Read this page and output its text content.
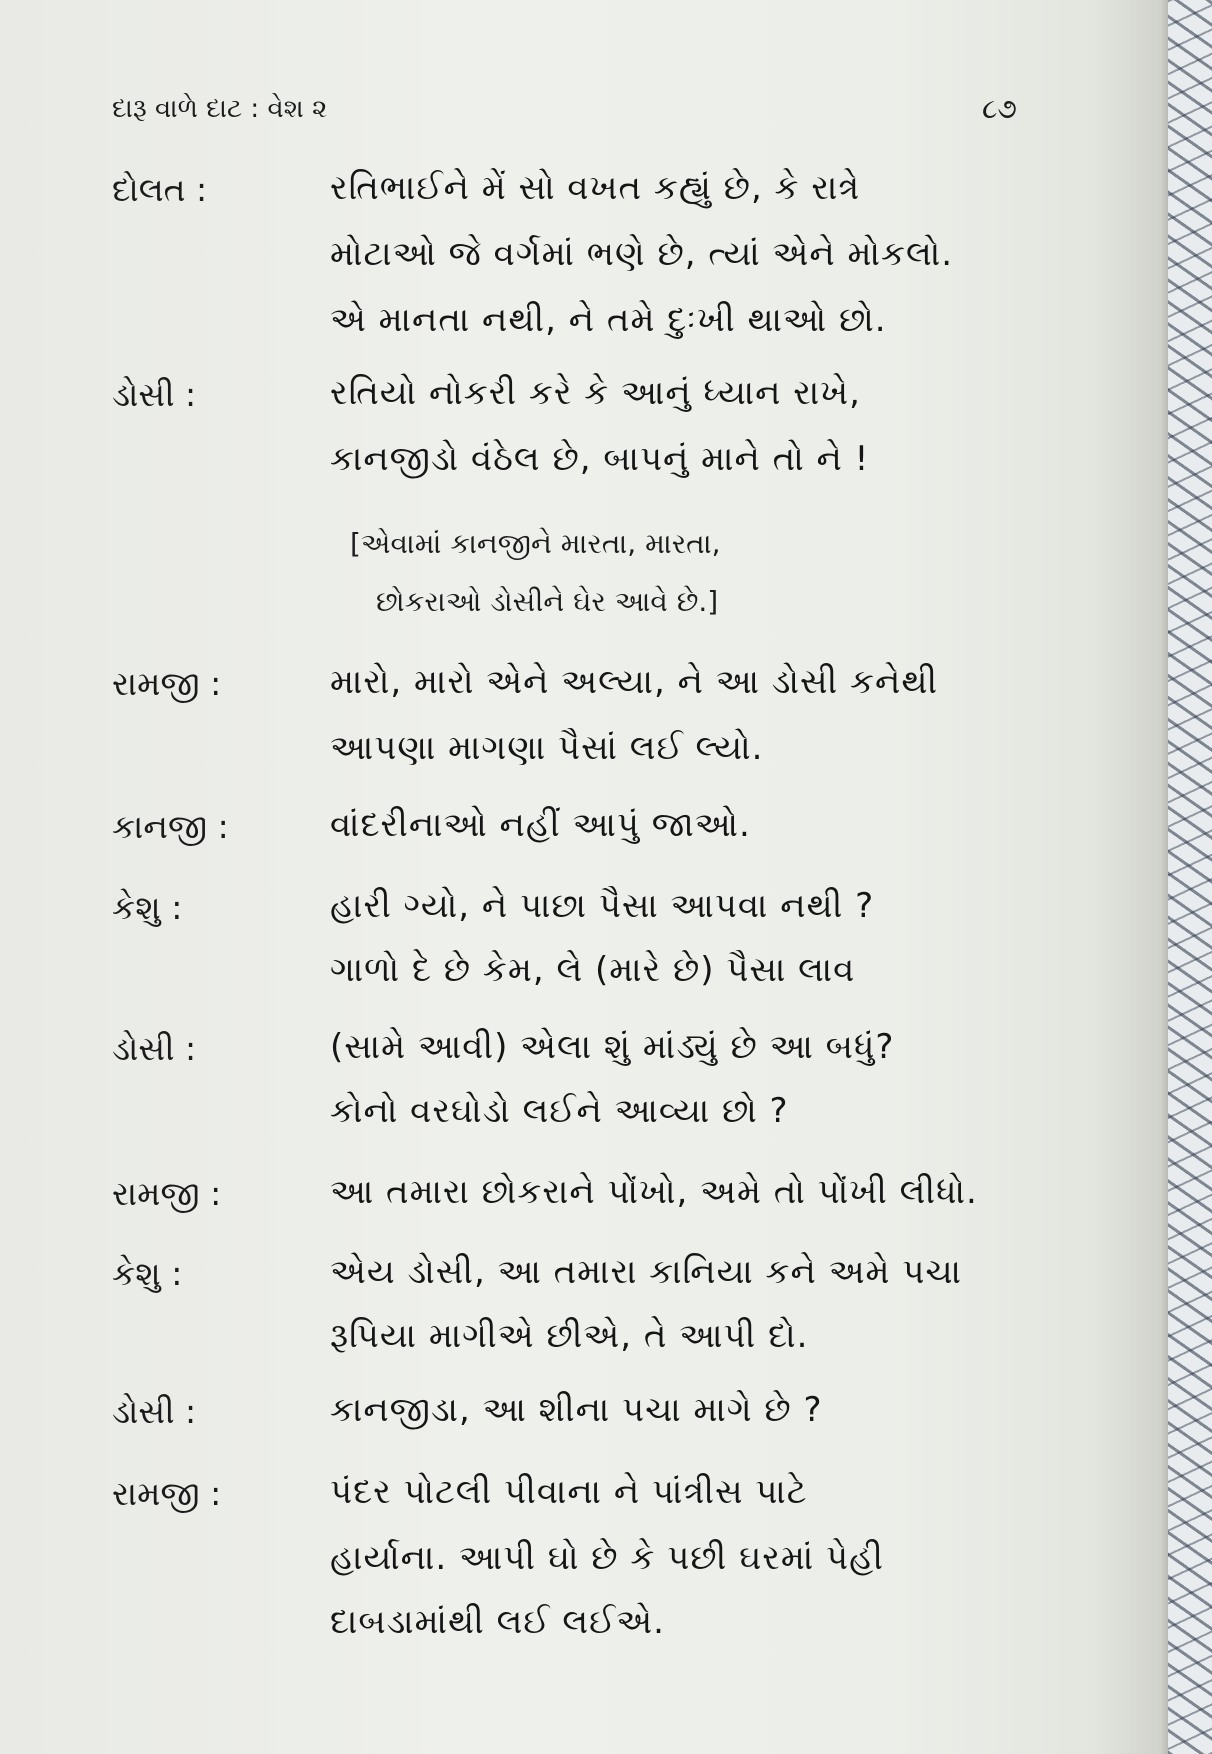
દારૂ વાળે દાટ : વેશ ૨	૮૭
દોલત :	રતિભાઈને મેં સો વખત કહ્યું છે, કે રાત્રે
મોટાઓ જે વર્ગમાં ભણે છે, ત્યાં એને મોકલો.
એ માનતા નથી, ને તમે દુઃખી થાઓ છો.
ડોસી :	રતિયો નોકરી કરે કે આનું ધ્યાન રાખે,
કાનજીડો વંઠેલ છે, બાપનું માને તો ને !
[એવામાં કાનજીને મારતા, મારતા,
છોકરાઓ ડોસીને ઘેર આવે છે.]
રામજી :	મારો, મારો એને અલ્યા, ને આ ડોસી કનેથી
આપણા માગણા પૈસાં લઈ લ્યો.
કાનજી :	વાંદરીનાઓ નહીં આપું જાઓ.
કેશુ :	હારી ગ્યો, ને પાછા પૈસા આપવા નથી ?
ગાળો દે છે કેમ, લે (મારે છે) પૈસા લાવ
ડોસી :	(સામે આવી) એલા શું માંડ્યું છે આ બધું?
કોનો વરઘોડો લઈને આવ્યા છો ?
રામજી :	આ તમારા છોકરાને પોંખો, અમે તો પોંખી લીધો.
કેશુ :	એય ડોસી, આ તમારા કાનિયા કને અમે પચા
રૂપિયા માગીએ છીએ, તે આપી દો.
ડોસી :	કાનજીડા, આ શીના પચા માગે છે ?
રામજી :	પંદર પોટલી પીવાના ને પાંત્રીસ પાટે
હાર્યાના. આપી ઘો છે કે પછી ઘરમાં પેહી
દાબડામાંથી લઈ લઈએ.
